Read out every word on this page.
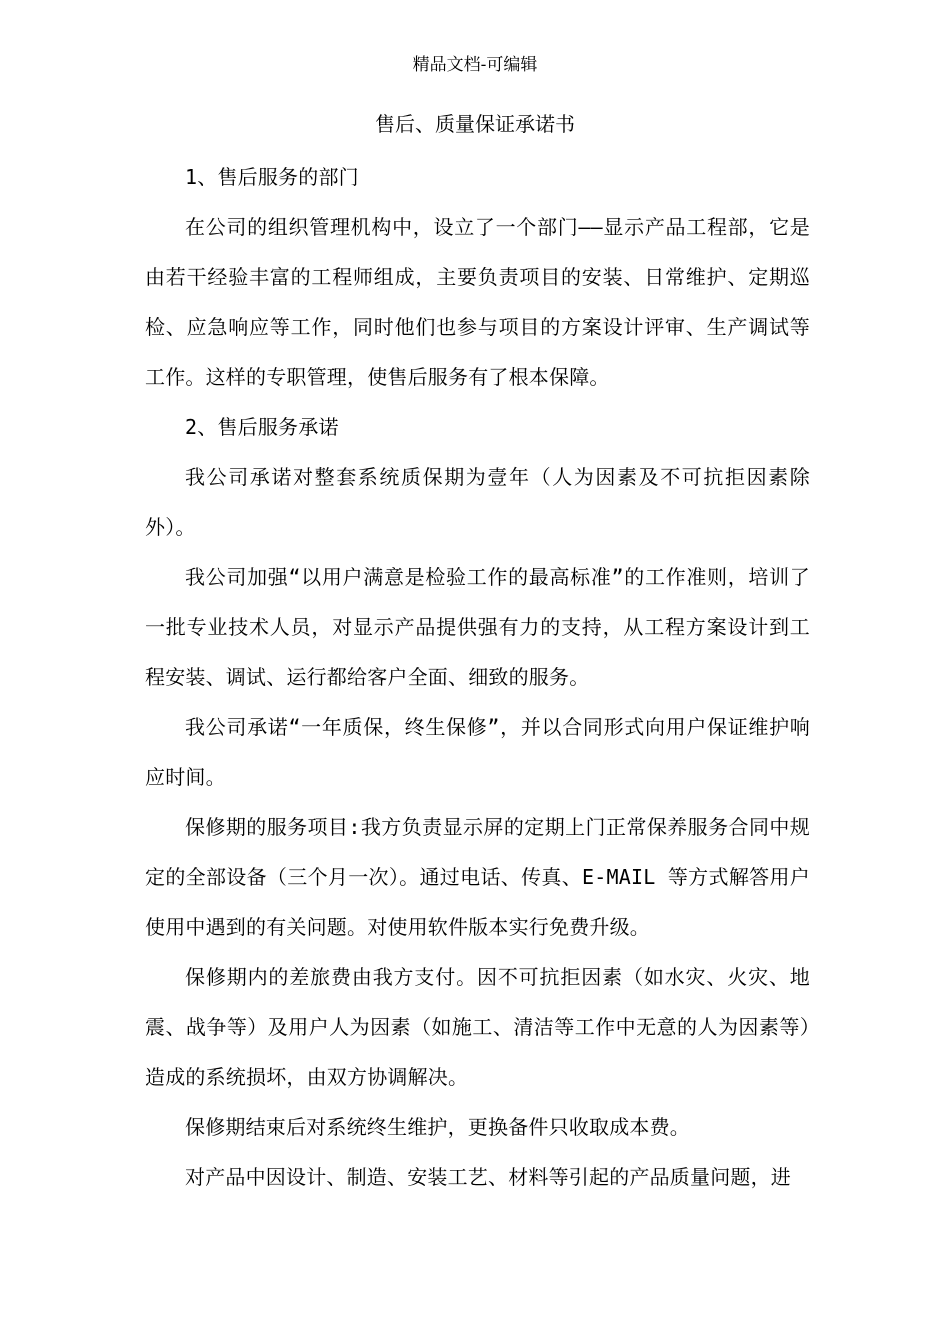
精品文档-可编辑
售后、质量保证承诺书

1、售后服务的部门

在公司的组织管理机构中，设立了一个部门——显示产品工程部，它是由若干经验丰富的工程师组成，主要负责项目的安装、日常维护、定期巡检、应急响应等工作，同时他们也参与项目的方案设计评审、生产调试等工作。这样的专职管理，使售后服务有了根本保障。

2、售后服务承诺

我公司承诺对整套系统质保期为壹年（人为因素及不可抗拒因素除外）。

我公司加强“以用户满意是检验工作的最高标准”的工作准则，培训了一批专业技术人员，对显示产品提供强有力的支持，从工程方案设计到工程安装、调试、运行都给客户全面、细致的服务。

我公司承诺“一年质保，终生保修”，并以合同形式向用户保证维护响应时间。

保修期的服务项目:我方负责显示屏的定期上门正常保养服务合同中规定的全部设备（三个月一次）。通过电话、传真、E-MAIL 等方式解答用户使用中遇到的有关问题。对使用软件版本实行免费升级。

保修期内的差旅费由我方支付。因不可抗拒因素（如水灾、火灾、地震、战争等）及用户人为因素（如施工、清洁等工作中无意的人为因素等）造成的系统损坏，由双方协调解决。

保修期结束后对系统终生维护，更换备件只收取成本费。

对产品中因设计、制造、安装工艺、材料等引起的产品质量问题，进
